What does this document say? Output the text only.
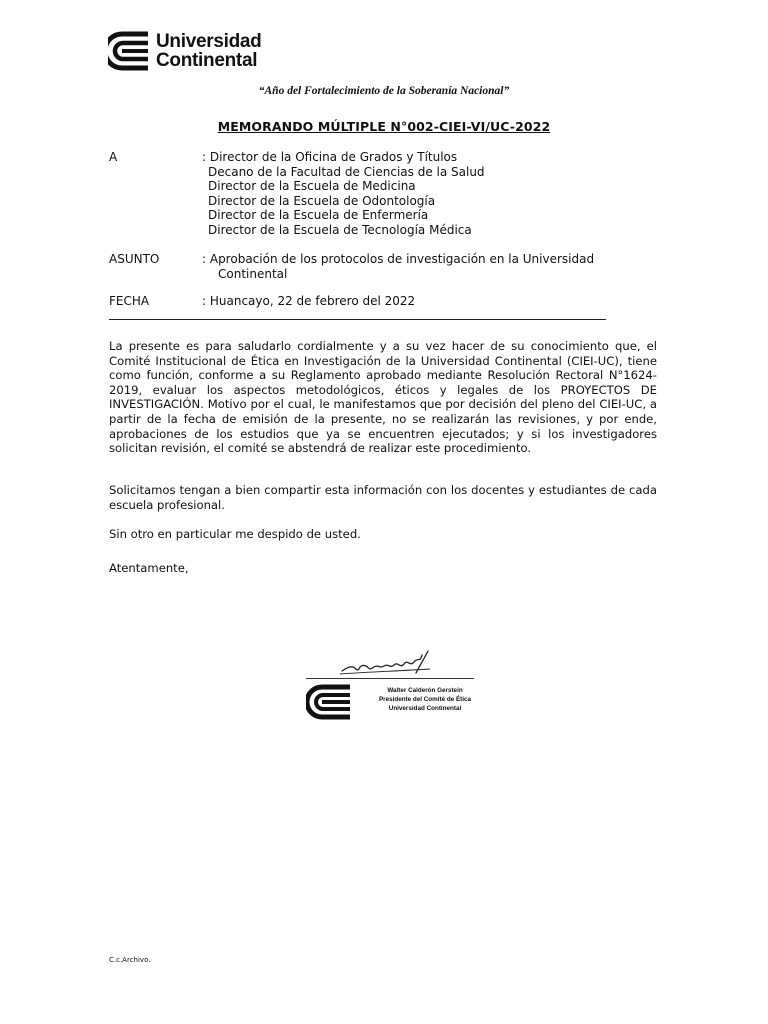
Universidad
Continental
“Año del Fortalecimiento de la Soberanía Nacional”
MEMORANDO MÚLTIPLE N°002-CIEI-VI/UC-2022
A	: Director de la Oficina de Grados y Títulos
Decano de la Facultad de Ciencias de la Salud
Director de la Escuela de Medicina
Director de la Escuela de Odontología
Director de la Escuela de Enfermería
Director de la Escuela de Tecnología Médica
ASUNTO	: Aprobación de los protocolos de investigación en la Universidad
Continental
FECHA	: Huancayo, 22 de febrero del 2022

La presente es para saludarlo cordialmente y a su vez hacer de su conocimiento que, el Comité Institucional de Ética en Investigación de la Universidad Continental (CIEI-UC), tiene como función, conforme a su Reglamento aprobado mediante Resolución Rectoral N°1624-2019, evaluar los aspectos metodológicos, éticos y legales de los PROYECTOS DE INVESTIGACIÓN. Motivo por el cual, le manifestamos que por decisión del pleno del CIEI-UC, a partir de la fecha de emisión de la presente, no se realizarán las revisiones, y por ende, aprobaciones de los estudios que ya se encuentren ejecutados; y si los investigadores solicitan revisión, el comité se abstendrá de realizar este procedimiento.

Solicitamos tengan a bien compartir esta información con los docentes y estudiantes de cada escuela profesional.

Sin otro en particular me despido de usted.

Atentamente,

Walter Calderón Gerstein
Presidente del Comité de Ética
Universidad Continental
C.c.Archivo.
